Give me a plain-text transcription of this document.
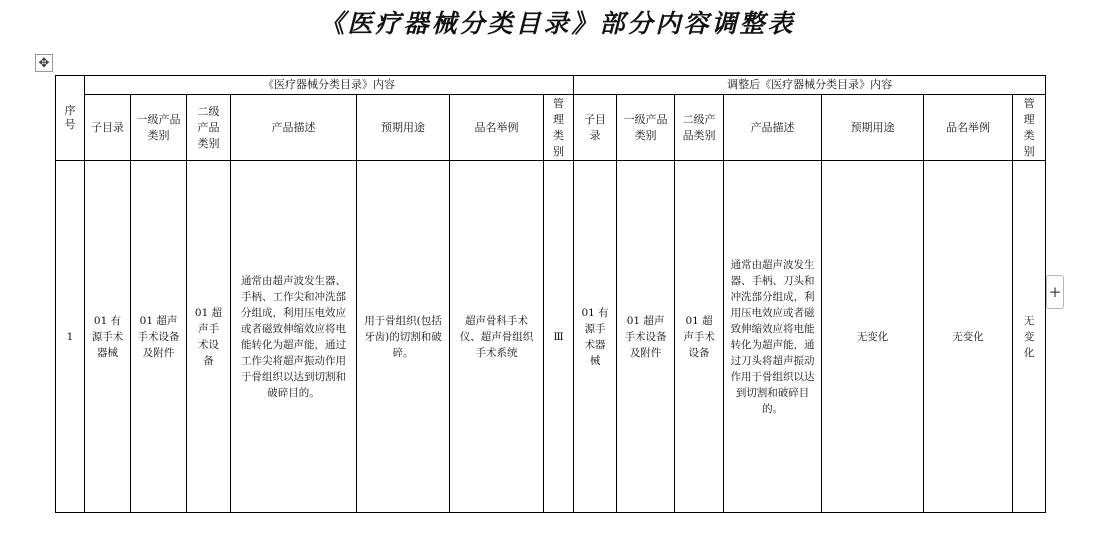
《医疗器械分类目录》部分内容调整表
✥
序号	《医疗器械分类目录》内容							调整后《医疗器械分类目录》内容						
	子目录	一级产品类别	二级产品类别	产品描述	预期用途	品名举例	管理类别	子目录	一级产品类别	二级产品类别	产品描述	预期用途	品名举例	管理类别
1	01 有源手术器械	01 超声手术设备及附件	01 超声手术设备	通常由超声波发生器、手柄、工作尖和冲洗部分组成，利用压电效应或者磁致伸缩效应将电能转化为超声能，通过工作尖将超声振动作用于骨组织以达到切割和破碎目的。	用于骨组织(包括牙齿)的切割和破碎。	超声骨科手术仪、超声骨组织手术系统	Ⅲ	01 有源手术器械	01 超声手术设备及附件	01 超声手术设备	通常由超声波发生器、手柄、刀头和冲洗部分组成，利用压电效应或者磁致伸缩效应将电能转化为超声能，通过刀头将超声振动作用于骨组织以达到切割和破碎目的。	无变化	无变化	无变化
+
